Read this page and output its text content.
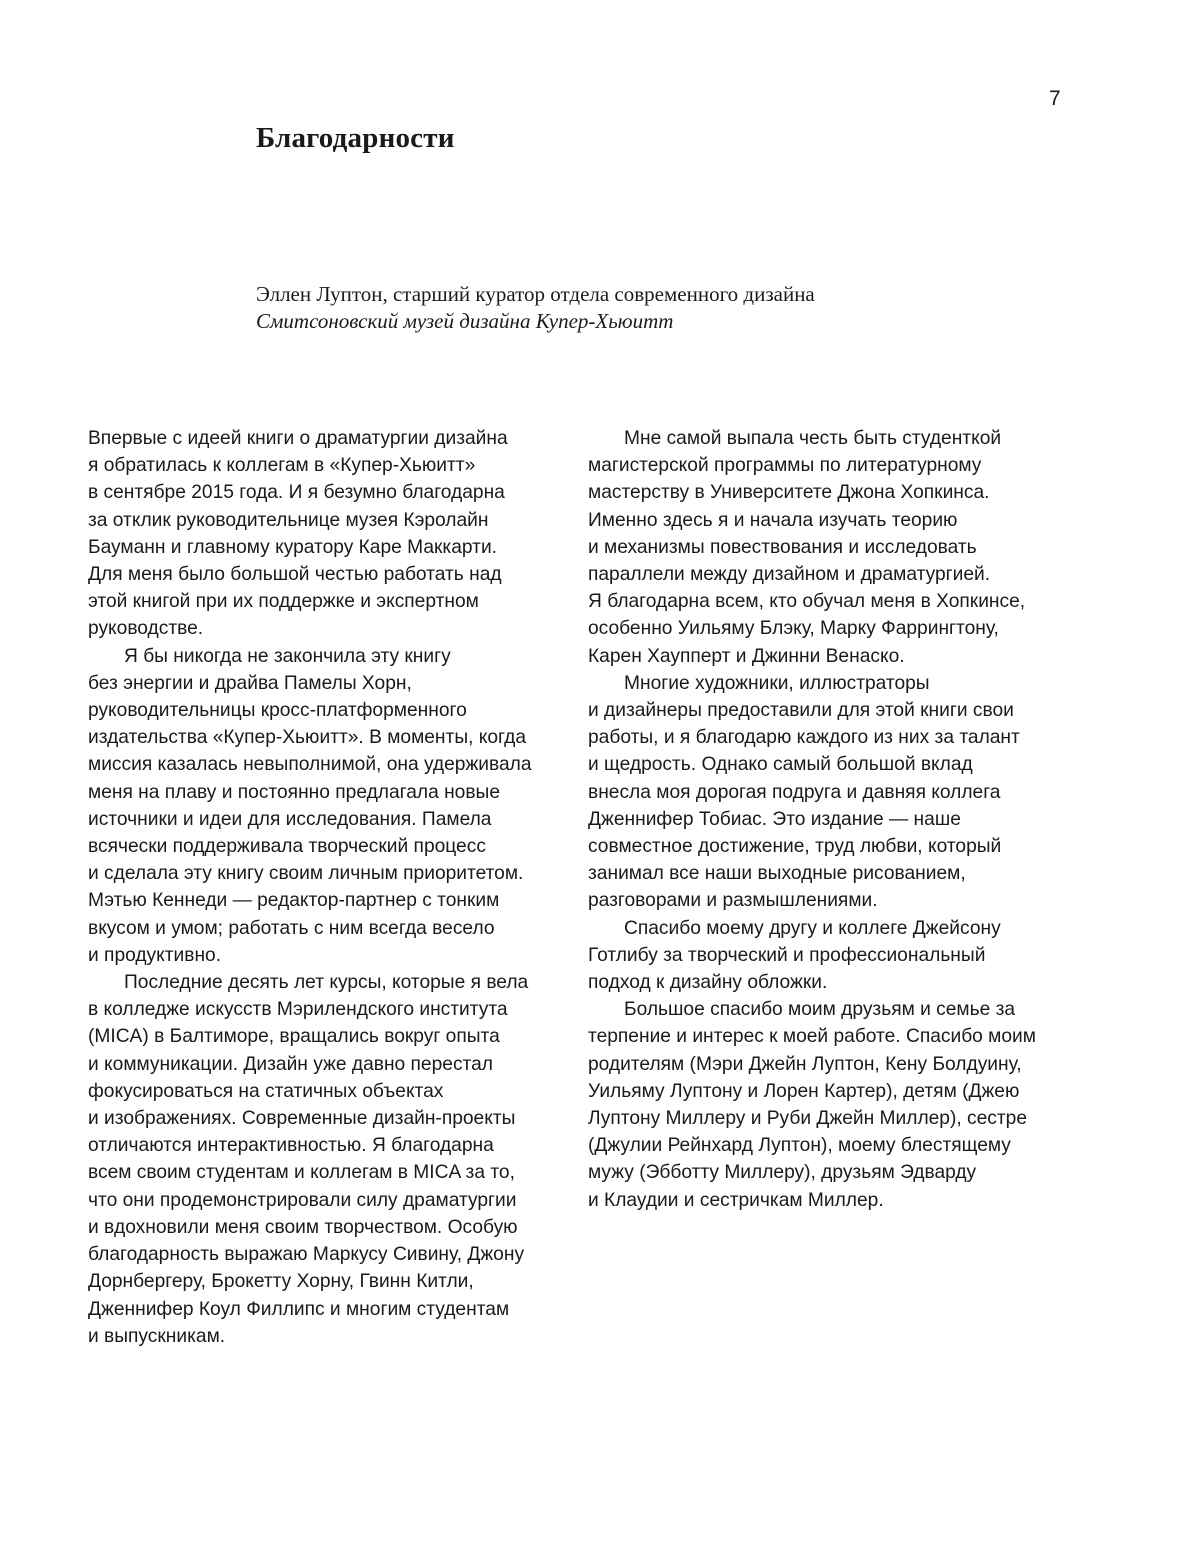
7
Благодарности
Эллен Луптон, старший куратор отдела современного дизайна
Смитсоновский музей дизайна Купер-Хьюитт

Впервые с идеей книги о драматургии дизайна
я обратилась к коллегам в «Купер-Хьюитт»
в сентябре 2015 года. И я безумно благодарна
за отклик руководительнице музея Кэролайн
Бауманн и главному куратору Каре Маккарти.
Для меня было большой честью работать над
этой книгой при их поддержке и экспертном
руководстве.

Я бы никогда не закончила эту книгу
без энергии и драйва Памелы Хорн,
руководительницы кросс-платформенного
издательства «Купер-Хьюитт». В моменты, когда
миссия казалась невыполнимой, она удерживала
меня на плаву и постоянно предлагала новые
источники и идеи для исследования. Памела
всячески поддерживала творческий процесс
и сделала эту книгу своим личным приоритетом.
Мэтью Кеннеди — редактор-партнер с тонким
вкусом и умом; работать с ним всегда весело
и продуктивно.

Последние десять лет курсы, которые я вела
в колледже искусств Мэрилендского института
(MICA) в Балтиморе, вращались вокруг опыта
и коммуникации. Дизайн уже давно перестал
фокусироваться на статичных объектах
и изображениях. Современные дизайн-проекты
отличаются интерактивностью. Я благодарна
всем своим студентам и коллегам в MICA за то,
что они продемонстрировали силу драматургии
и вдохновили меня своим творчеством. Особую
благодарность выражаю Маркусу Сивину, Джону
Дорнбергеру, Брокетту Хорну, Гвинн Китли,
Дженнифер Коул Филлипс и многим студентам
и выпускникам.

Мне самой выпала честь быть студенткой
магистерской программы по литературному
мастерству в Университете Джона Хопкинса.
Именно здесь я и начала изучать теорию
и механизмы повествования и исследовать
параллели между дизайном и драматургией.
Я благодарна всем, кто обучал меня в Хопкинсе,
особенно Уильяму Блэку, Марку Фаррингтону,
Карен Хаупперт и Джинни Венаско.

Многие художники, иллюстраторы
и дизайнеры предоставили для этой книги свои
работы, и я благодарю каждого из них за талант
и щедрость. Однако самый большой вклад
внесла моя дорогая подруга и давняя коллега
Дженнифер Тобиас. Это издание — наше
совместное достижение, труд любви, который
занимал все наши выходные рисованием,
разговорами и размышлениями.

Спасибо моему другу и коллеге Джейсону
Готлибу за творческий и профессиональный
подход к дизайну обложки.

Большое спасибо моим друзьям и семье за
терпение и интерес к моей работе. Спасибо моим
родителям (Мэри Джейн Луптон, Кену Болдуину,
Уильяму Луптону и Лорен Картер), детям (Джею
Луптону Миллеру и Руби Джейн Миллер), сестре
(Джулии Рейнхард Луптон), моему блестящему
мужу (Эбботту Миллеру), друзьям Эдварду
и Клаудии и сестричкам Миллер.
